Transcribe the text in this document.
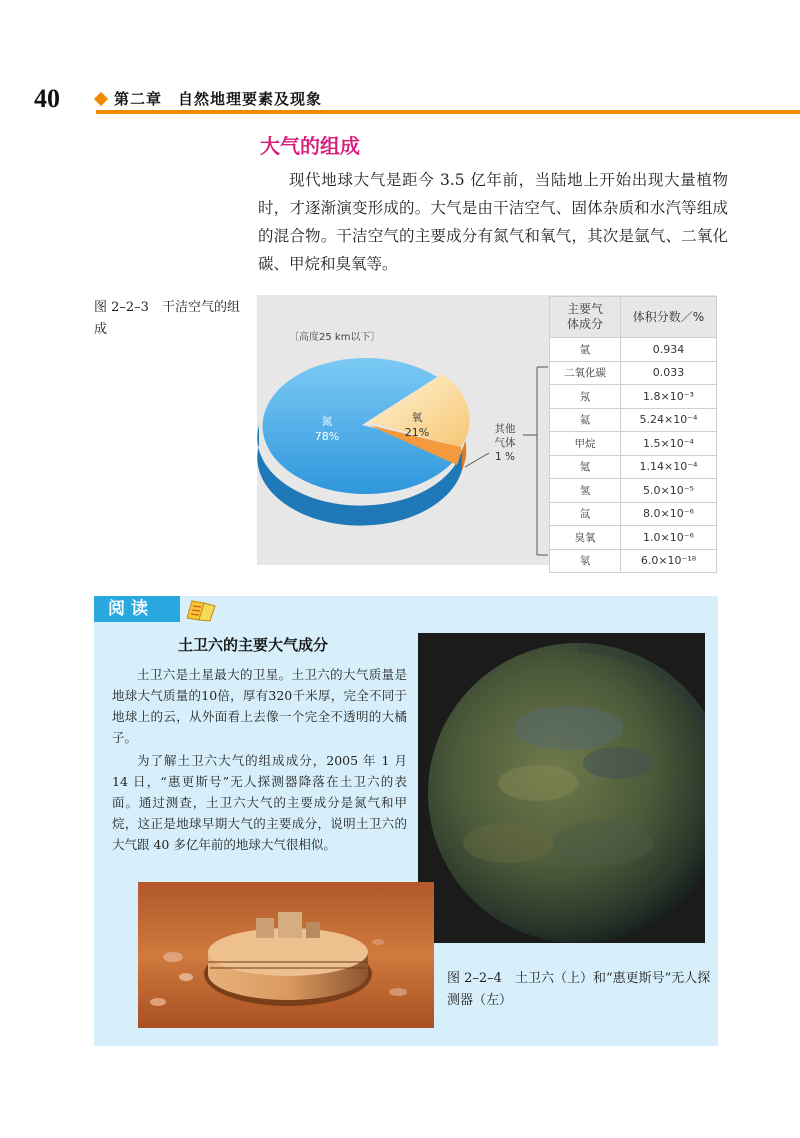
40	第二章　自然地理要素及现象
大气的组成
现代地球大气是距今 3.5 亿年前，当陆地上开始出现大量植物时，才逐渐演变形成的。大气是由干洁空气、固体杂质和水汽等组成的混合物。干洁空气的主要成分有氮气和氧气，其次是氩气、二氧化碳、甲烷和臭氧等。
图 2–2–3　干洁空气的组成
〔高度25 km以下〕
氮
78%
氧
21%	其他
气体
1 %
主要气
体成分	体积分数／%
氩	0.934
二氧化碳	0.033
氖	1.8×10⁻³
氦	5.24×10⁻⁴
甲烷	1.5×10⁻⁴
氪	1.14×10⁻⁴
氢	5.0×10⁻⁵
氙	8.0×10⁻⁶
臭氧	1.0×10⁻⁶
氡	6.0×10⁻¹⁸
阅读
土卫六的主要大气成分
土卫六是土星最大的卫星。土卫六的大气质量是地球大气质量的10倍，厚有320千米厚，完全不同于地球上的云，从外面看上去像一个完全不透明的大橘子。
为了解土卫六大气的组成成分，2005 年 1 月 14 日，“惠更斯号”无人探测器降落在土卫六的表面。通过测查，土卫六大气的主要成分是氮气和甲烷，这正是地球早期大气的主要成分，说明土卫六的大气跟 40 多亿年前的地球大气很相似。
图 2–2–4　土卫六（上）和“惠更斯号”无人探测器（左）
